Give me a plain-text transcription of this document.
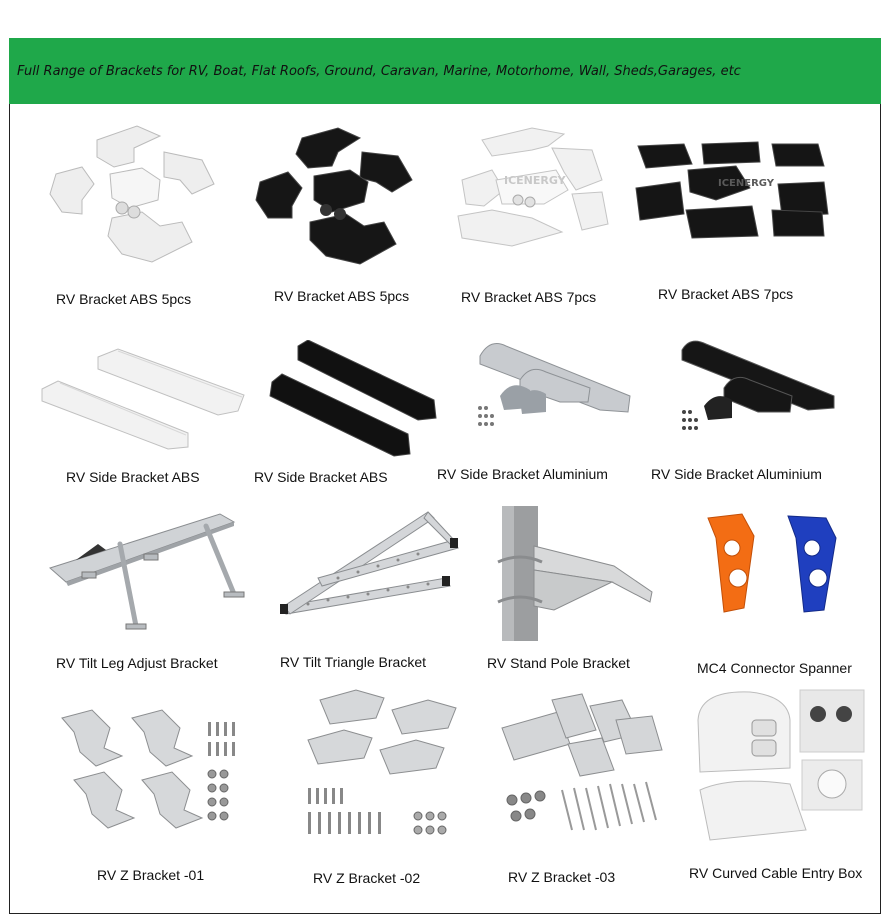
Full Range of Brackets for RV, Boat, Flat Roofs, Ground, Caravan, Marine, Motorhome, Wall, Sheds,Garages, etc
ICENERGY	ICENERGY
RV Bracket ABS 5pcs	RV Bracket ABS 5pcs	RV Bracket ABS 7pcs	RV Bracket ABS 7pcs
RV Side Bracket ABS	RV Side Bracket ABS	RV Side Bracket Aluminium	RV Side Bracket Aluminium
RV Tilt Leg Adjust Bracket	RV Tilt Triangle Bracket	RV Stand Pole Bracket	MC4 Connector Spanner
RV Z Bracket -01	RV Z Bracket -02	RV Z Bracket -03	RV Curved Cable Entry Box
